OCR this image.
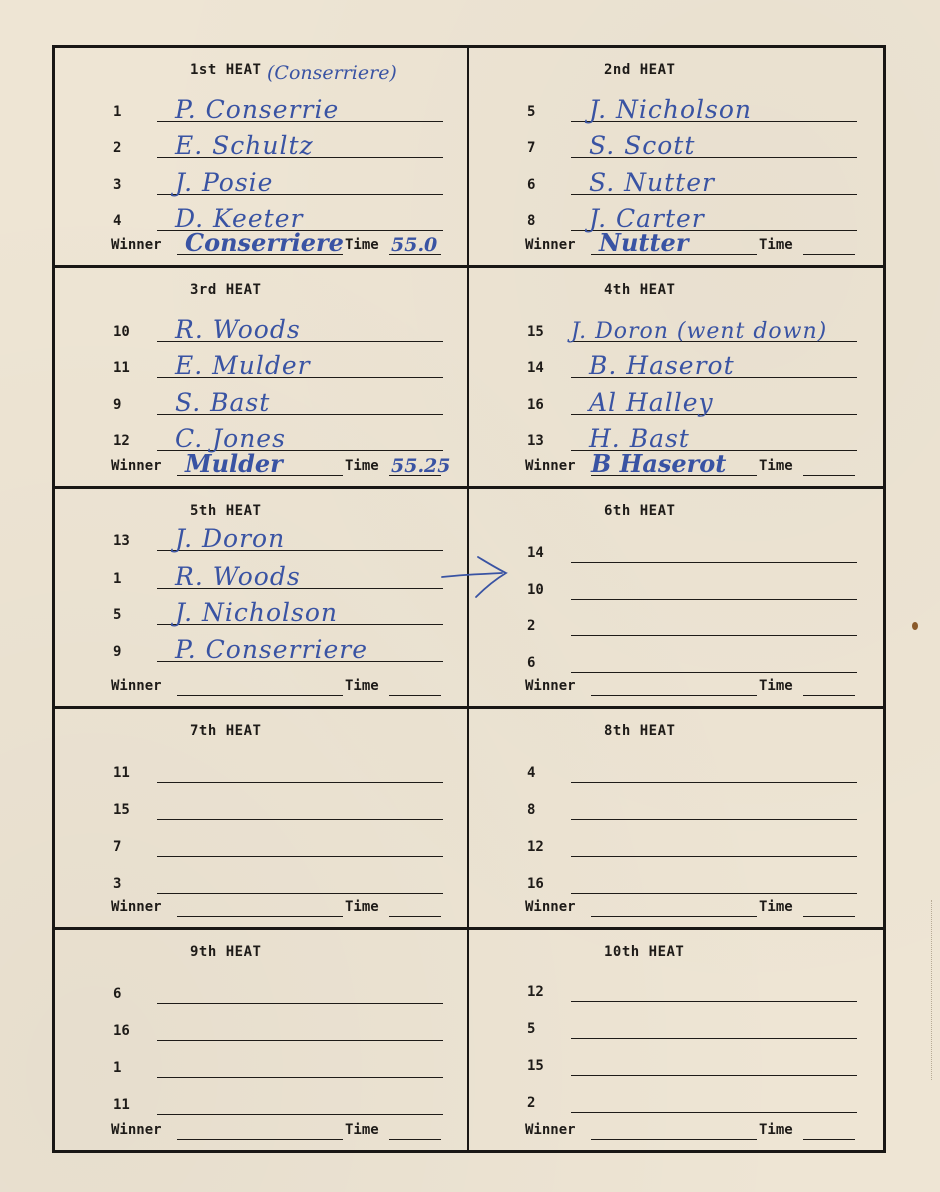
1st HEAT (Conserriere)
1 P. Conserrie
2 E. Schultz
3 J. Posie
4 D. Keeter
Winner Conserriere Time 55.0
2nd HEAT
5 J. Nicholson
7 S. Scott
6 S. Nutter
8 J. Carter
Winner Nutter	Time
3rd HEAT
10 R. Woods
11 E. Mulder
9 S. Bast
12 C. Jones
Winner Mulder	Time 55.25
4th HEAT
15 J. Doron (went down)
14 B. Haserot
16 Al Halley
13 H. Bast
Winner B Haserot Time
5th HEAT
13 J. Doron
1 R. Woods
5 J. Nicholson
9 P. Conserriere
Winner	Time
6th HEAT
14
10
2
6
Winner	Time
7th HEAT
11
15
7
3
Winner	Time
8th HEAT
4
8
12
16
Winner	Time
9th HEAT
6
16
1
11
Winner	Time
10th HEAT
12
5
15
2
Winner	Time
